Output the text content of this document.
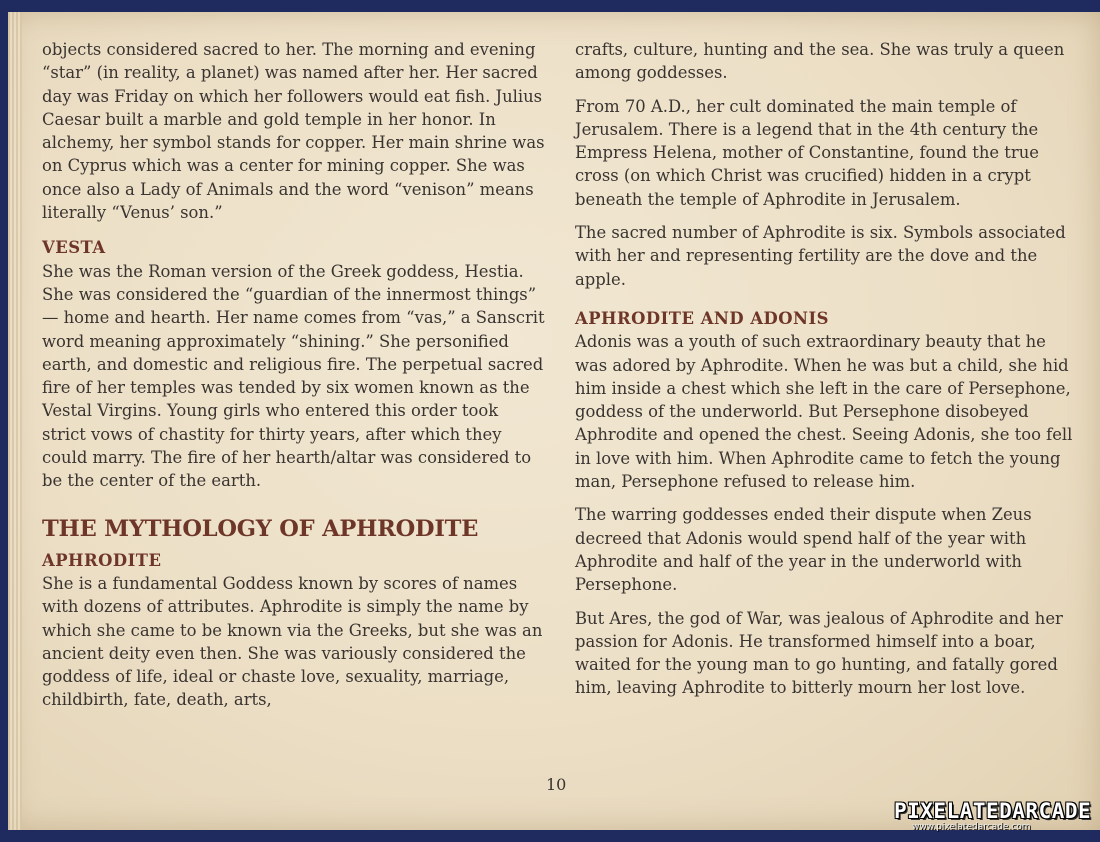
objects considered sacred to her. The morning and evening “star” (in reality, a planet) was named after her. Her sacred day was Friday on which her followers would eat fish. Julius Caesar built a marble and gold temple in her honor. In alchemy, her symbol stands for copper. Her main shrine was on Cyprus which was a center for mining copper. She was once also a Lady of Animals and the word “venison” means literally “Venus’ son.”

VESTA

She was the Roman version of the Greek goddess, Hestia. She was considered the “guardian of the innermost things” — home and hearth. Her name comes from “vas,” a Sanscrit word meaning approximately “shining.” She personified earth, and domestic and religious fire. The perpetual sacred fire of her temples was tended by six women known as the Vestal Virgins. Young girls who entered this order took strict vows of chastity for thirty years, after which they could marry. The fire of her hearth/altar was considered to be the center of the earth.

THE MYTHOLOGY OF APHRODITE
APHRODITE

She is a fundamental Goddess known by scores of names with dozens of attributes. Aphrodite is simply the name by which she came to be known via the Greeks, but she was an ancient deity even then. She was variously considered the goddess of life, ideal or chaste love, sexuality, marriage, childbirth, fate, death, arts,

crafts, culture, hunting and the sea. She was truly a queen among goddesses.

From 70 A.D., her cult dominated the main temple of Jerusalem. There is a legend that in the 4th century the Empress Helena, mother of Constantine, found the true cross (on which Christ was crucified) hidden in a crypt beneath the temple of Aphrodite in Jerusalem.

The sacred number of Aphrodite is six. Symbols associated with her and representing fertility are the dove and the apple.

APHRODITE AND ADONIS

Adonis was a youth of such extraordinary beauty that he was adored by Aphrodite. When he was but a child, she hid him inside a chest which she left in the care of Persephone, goddess of the underworld. But Persephone disobeyed Aphrodite and opened the chest. Seeing Adonis, she too fell in love with him. When Aphrodite came to fetch the young man, Persephone refused to release him.

The warring goddesses ended their dispute when Zeus decreed that Adonis would spend half of the year with Aphrodite and half of the year in the underworld with Persephone.

But Ares, the god of War, was jealous of Aphrodite and her passion for Adonis. He transformed himself into a boar, waited for the young man to go hunting, and fatally gored him, leaving Aphrodite to bitterly mourn her lost love.

10
PIXELATEDARCADE
www.pixelatedarcade.com
